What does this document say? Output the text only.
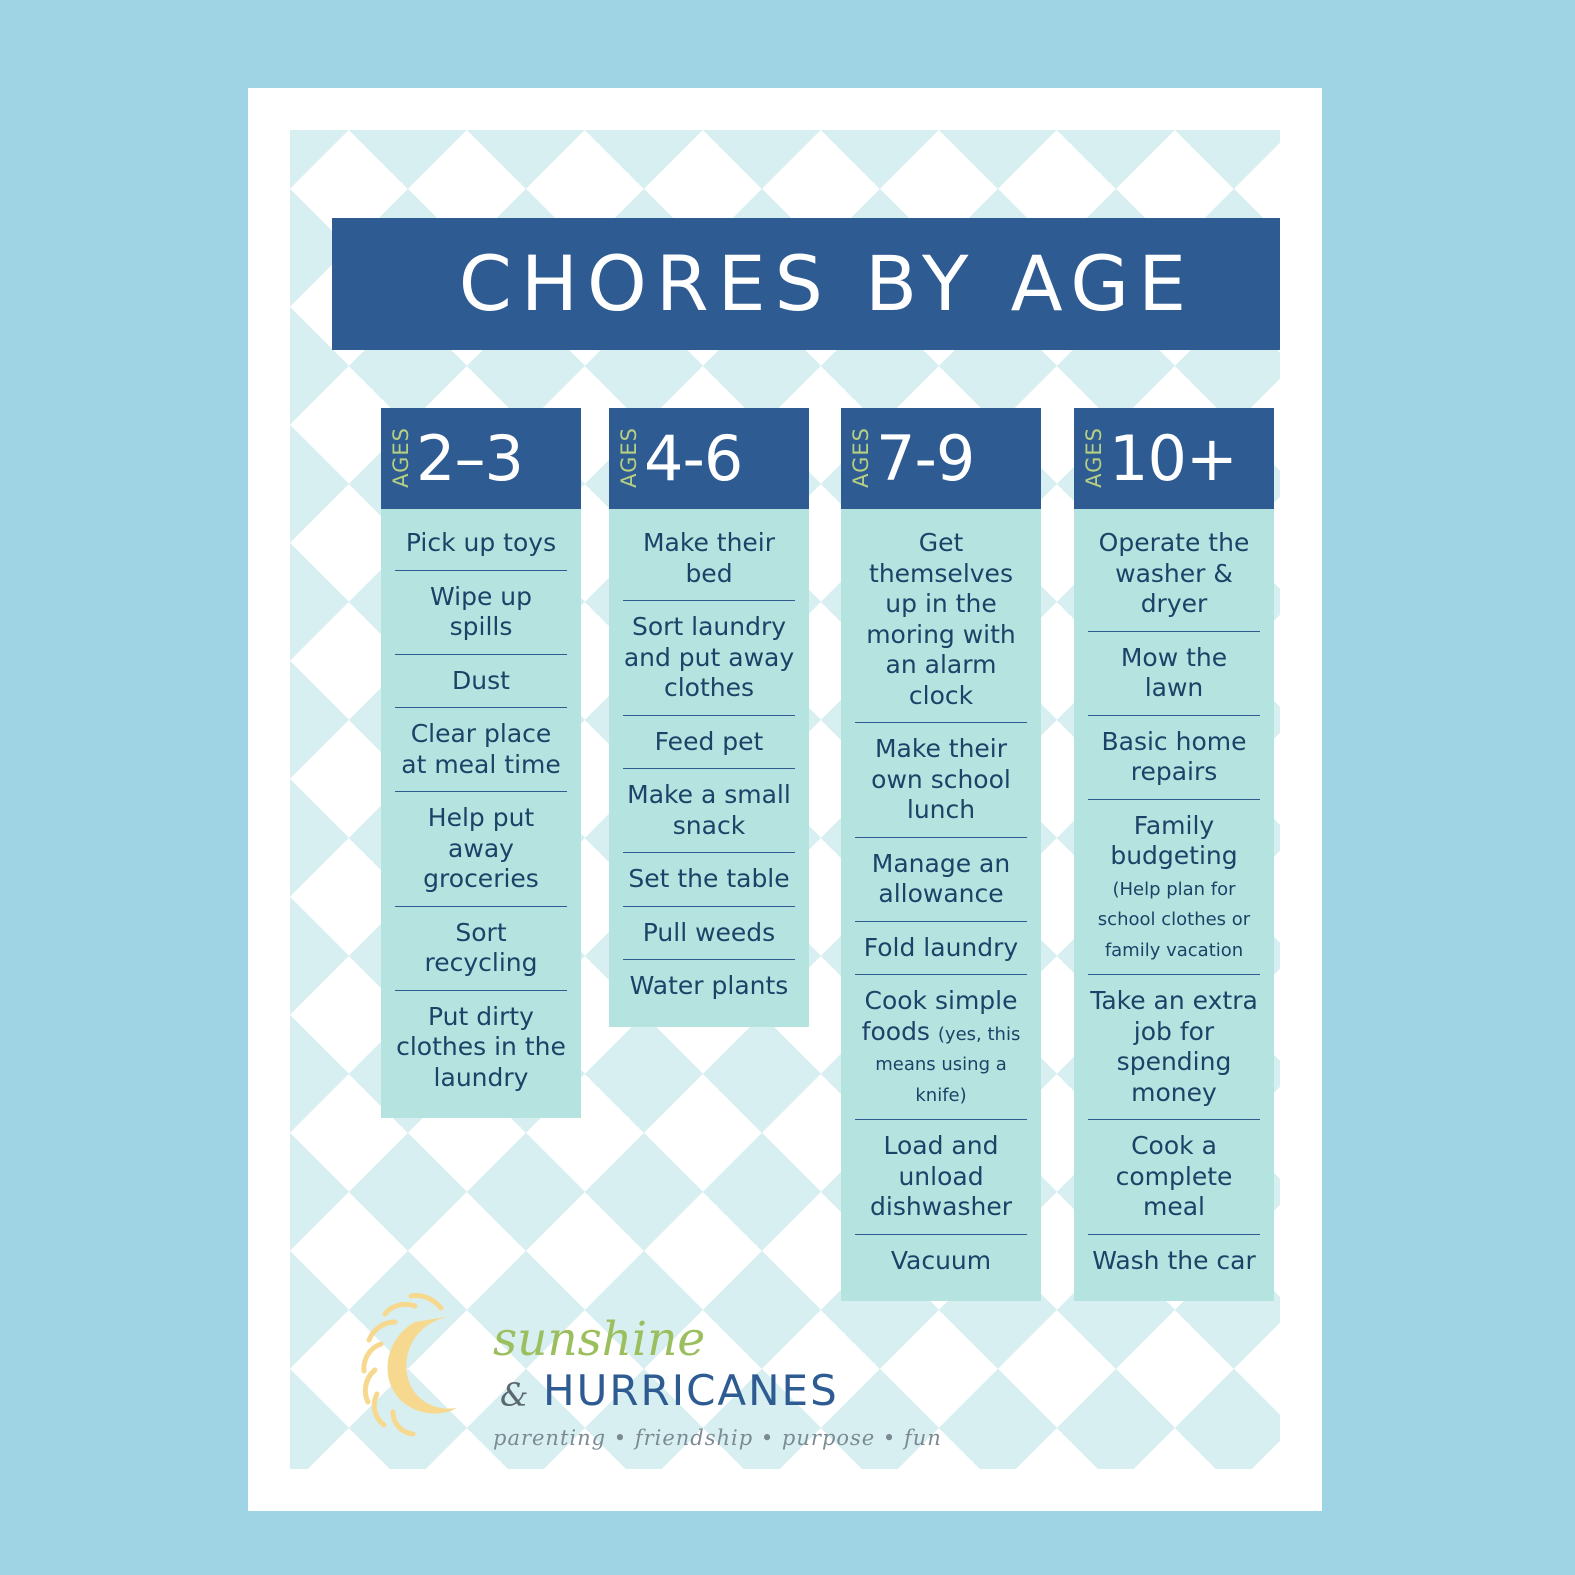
CHORES BY AGE
AGES 2–3
Pick up toys
Wipe up spills
Dust
Clear place at meal time
Help put away groceries
Sort recycling
Put dirty clothes in the laundry
AGES 4-6
Make their bed
Sort laundry and put away clothes
Feed pet
Make a small snack
Set the table
Pull weeds
Water plants
AGES 7-9
Get themselves up in the moring with an alarm clock
Make their own school lunch
Manage an allowance
Fold laundry
Cook simple foods (yes, this means using a knife)
Load and unload dishwasher
Vacuum
AGES 10+
Operate the washer & dryer
Mow the lawn
Basic home repairs
Family budgeting (Help plan for school clothes or family vacation
Take an extra job for spending money
Cook a complete meal
Wash the car
sunshine
& HURRICANES
parenting • friendship • purpose • fun
